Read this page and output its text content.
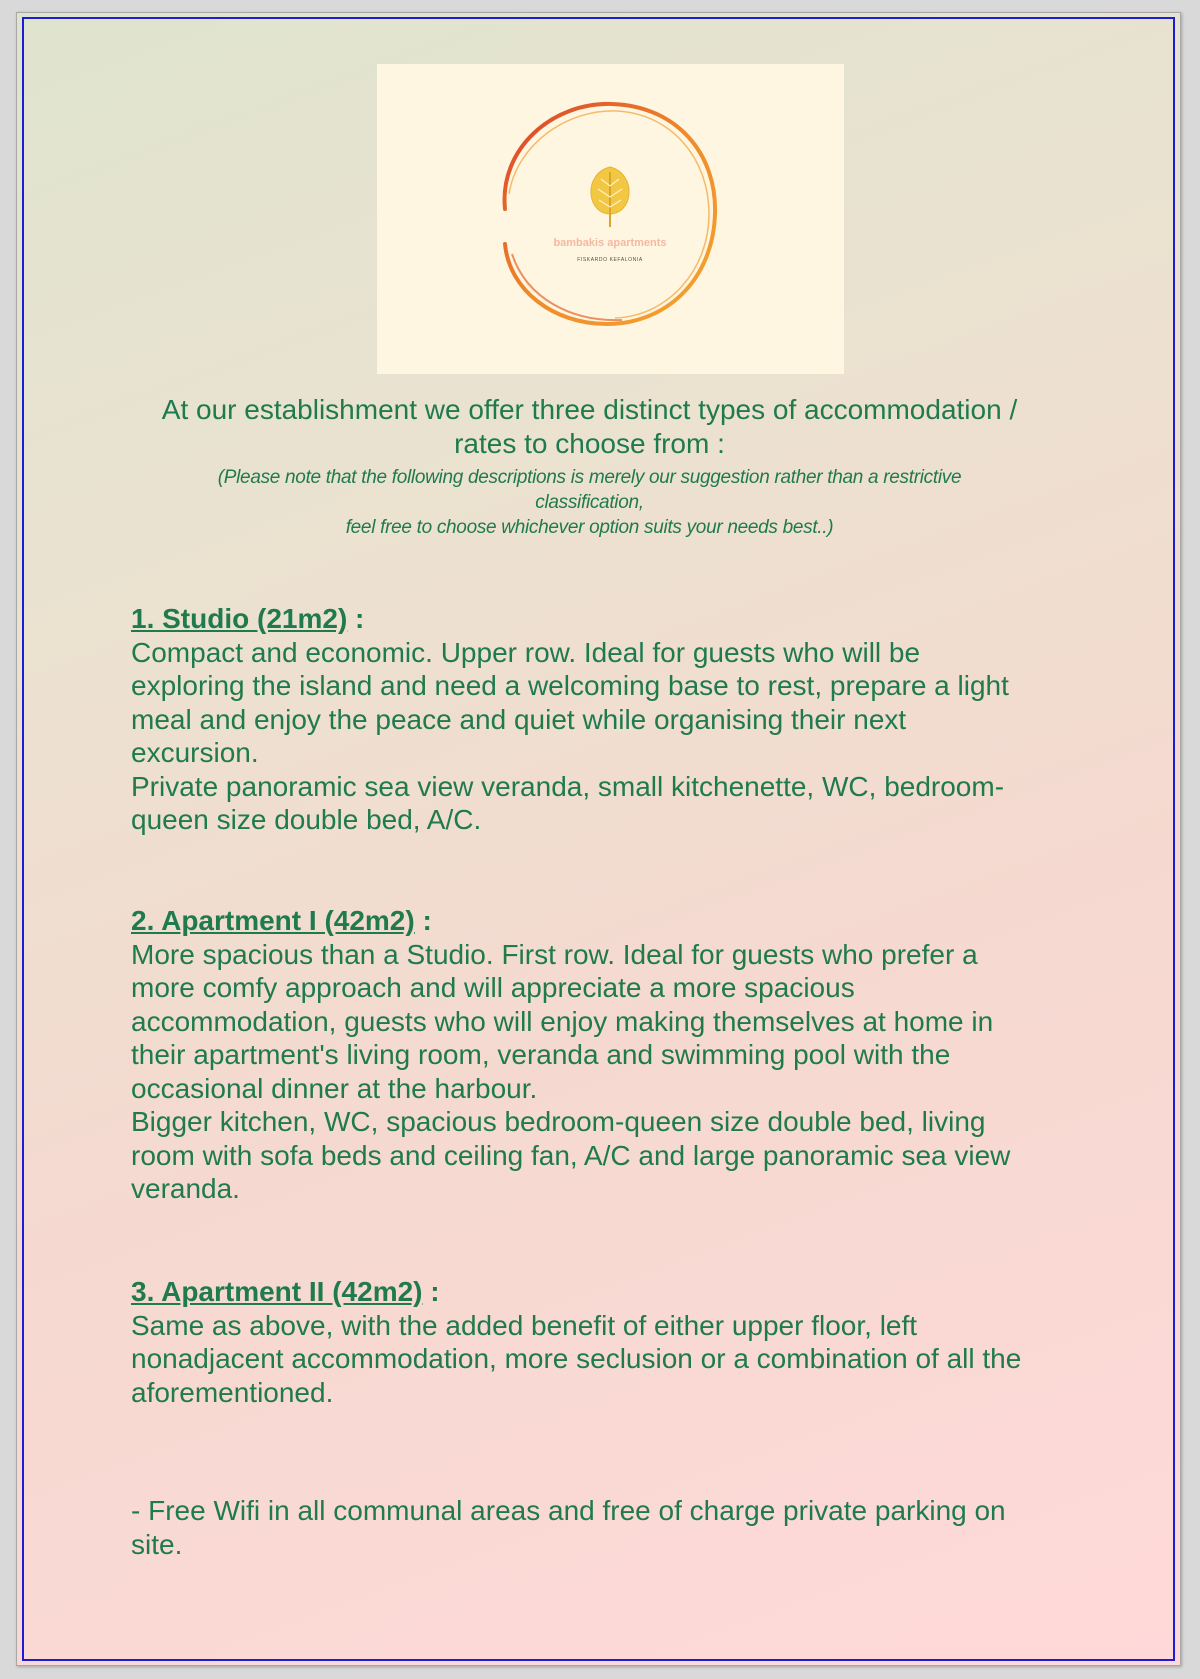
bambakis apartments
FISKARDO KEFALONIA
At our establishment we offer three distinct types of accommodation /
rates to choose from :
(Please note that the following descriptions is merely our suggestion rather than a restrictive
classification,
feel free to choose whichever option suits your needs best..)
1. Studio (21m2) :

Compact and economic. Upper row. Ideal for guests who will be

exploring the island and need a welcoming base to rest, prepare a light

meal and enjoy the peace and quiet while organising their next

excursion.

Private panoramic sea view veranda, small kitchenette, WC, bedroom-

queen size double bed, A/C.

2. Apartment I (42m2) :

More spacious than a Studio. First row. Ideal for guests who prefer a

more comfy approach and will appreciate a more spacious

accommodation, guests who will enjoy making themselves at home in

their apartment's living room, veranda and swimming pool with the

occasional dinner at the harbour.

Bigger kitchen, WC, spacious bedroom-queen size double bed, living

room with sofa beds and ceiling fan, A/C and large panoramic sea view

veranda.

3. Apartment II (42m2) :

Same as above, with the added benefit of either upper floor, left

nonadjacent accommodation, more seclusion or a combination of all the

aforementioned.

- Free Wifi in all communal areas and free of charge private parking on

site.
